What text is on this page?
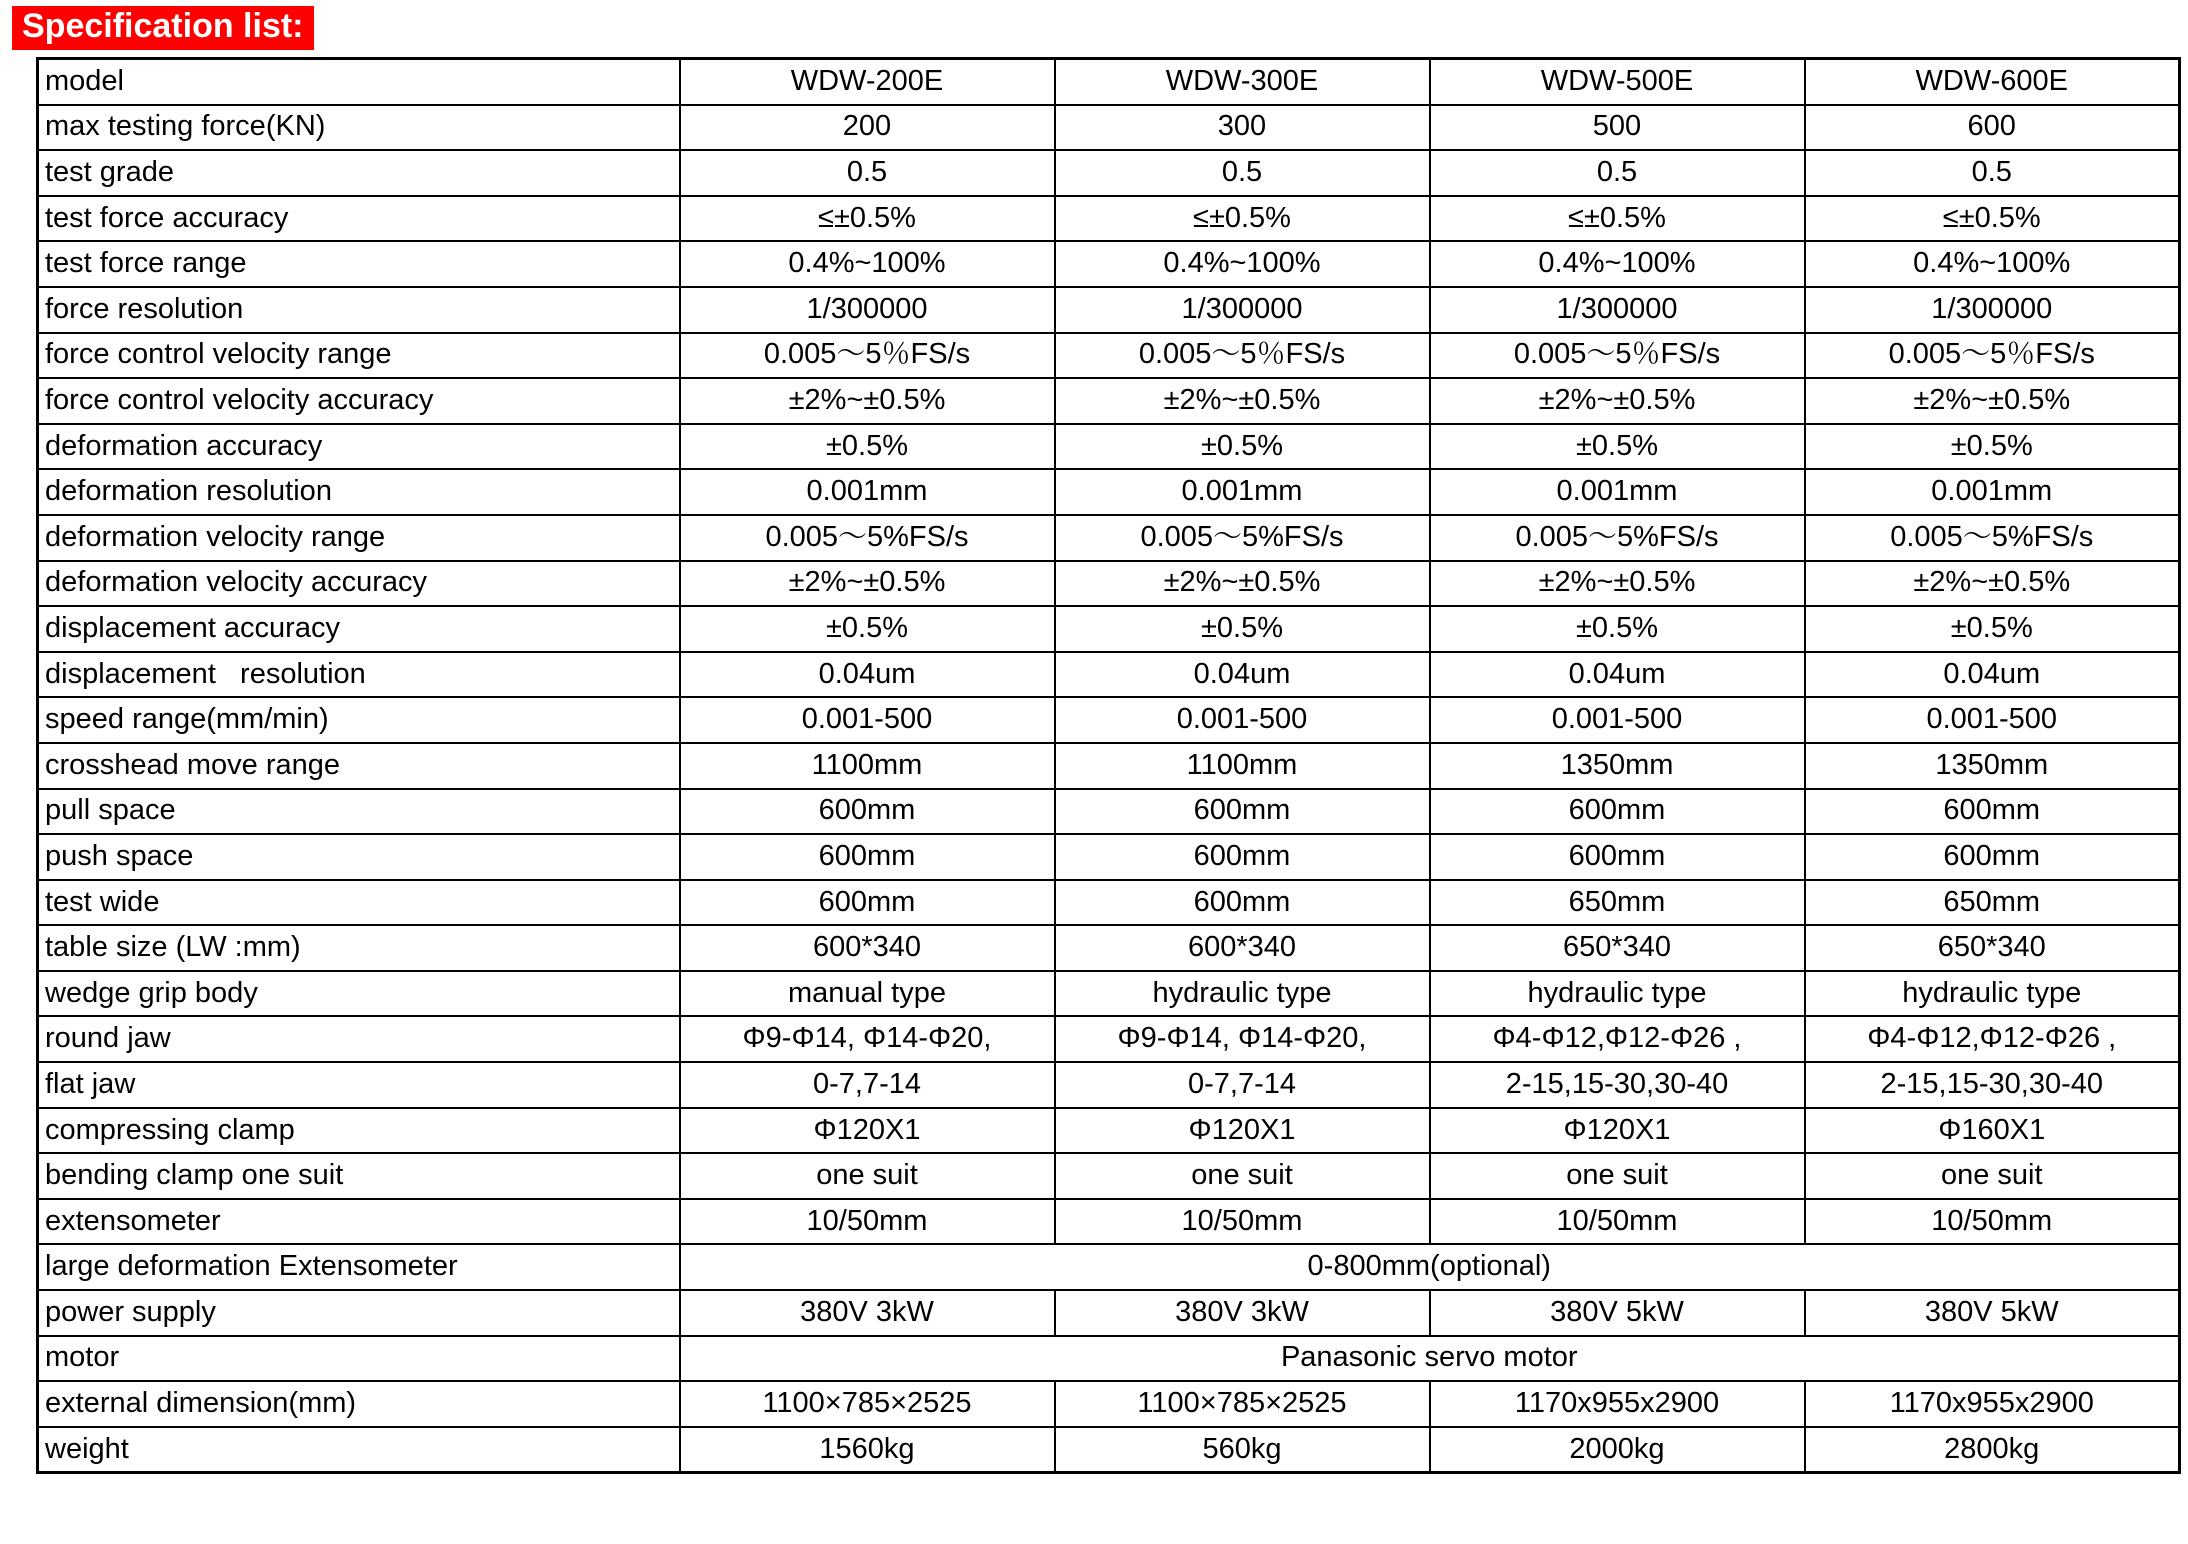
Specification list:
model	WDW-200E	WDW-300E	WDW-500E	WDW-600E
max testing force(KN)	200	300	500	600
test grade	0.5	0.5	0.5	0.5
test force accuracy	≤±0.5%	≤±0.5%	≤±0.5%	≤±0.5%
test force range	0.4%~100%	0.4%~100%	0.4%~100%	0.4%~100%
force resolution	1/300000	1/300000	1/300000	1/300000
force control velocity range	0.005～5％FS/s	0.005～5％FS/s	0.005～5％FS/s	0.005～5％FS/s
force control velocity accuracy	±2%~±0.5%	±2%~±0.5%	±2%~±0.5%	±2%~±0.5%
deformation accuracy	±0.5%	±0.5%	±0.5%	±0.5%
deformation resolution	0.001mm	0.001mm	0.001mm	0.001mm
deformation velocity range	0.005～5%FS/s	0.005～5%FS/s	0.005～5%FS/s	0.005～5%FS/s
deformation velocity accuracy	±2%~±0.5%	±2%~±0.5%	±2%~±0.5%	±2%~±0.5%
displacement accuracy	±0.5%	±0.5%	±0.5%	±0.5%
displacement   resolution	0.04um	0.04um	0.04um	0.04um
speed range(mm/min)	0.001-500	0.001-500	0.001-500	0.001-500
crosshead move range	1100mm	1100mm	1350mm	1350mm
pull space	600mm	600mm	600mm	600mm
push space	600mm	600mm	600mm	600mm
test wide	600mm	600mm	650mm	650mm
table size (LW :mm)	600*340	600*340	650*340	650*340
wedge grip body	manual type	hydraulic type	hydraulic type	hydraulic type
round jaw	Φ9-Φ14, Φ14-Φ20,	Φ9-Φ14, Φ14-Φ20,	Φ4-Φ12,Φ12-Φ26 ,	Φ4-Φ12,Φ12-Φ26 ,
flat jaw	0-7,7-14	0-7,7-14	2-15,15-30,30-40	2-15,15-30,30-40
compressing clamp	Φ120X1	Φ120X1	Φ120X1	Φ160X1
bending clamp one suit	one suit	one suit	one suit	one suit
extensometer	10/50mm	10/50mm	10/50mm	10/50mm
large deformation Extensometer	0-800mm(optional)			
power supply	380V 3kW	380V 3kW	380V 5kW	380V 5kW
motor	Panasonic servo motor			
external dimension(mm)	1100×785×2525	1100×785×2525	1170x955x2900	1170x955x2900
weight	1560kg	560kg	2000kg	2800kg
